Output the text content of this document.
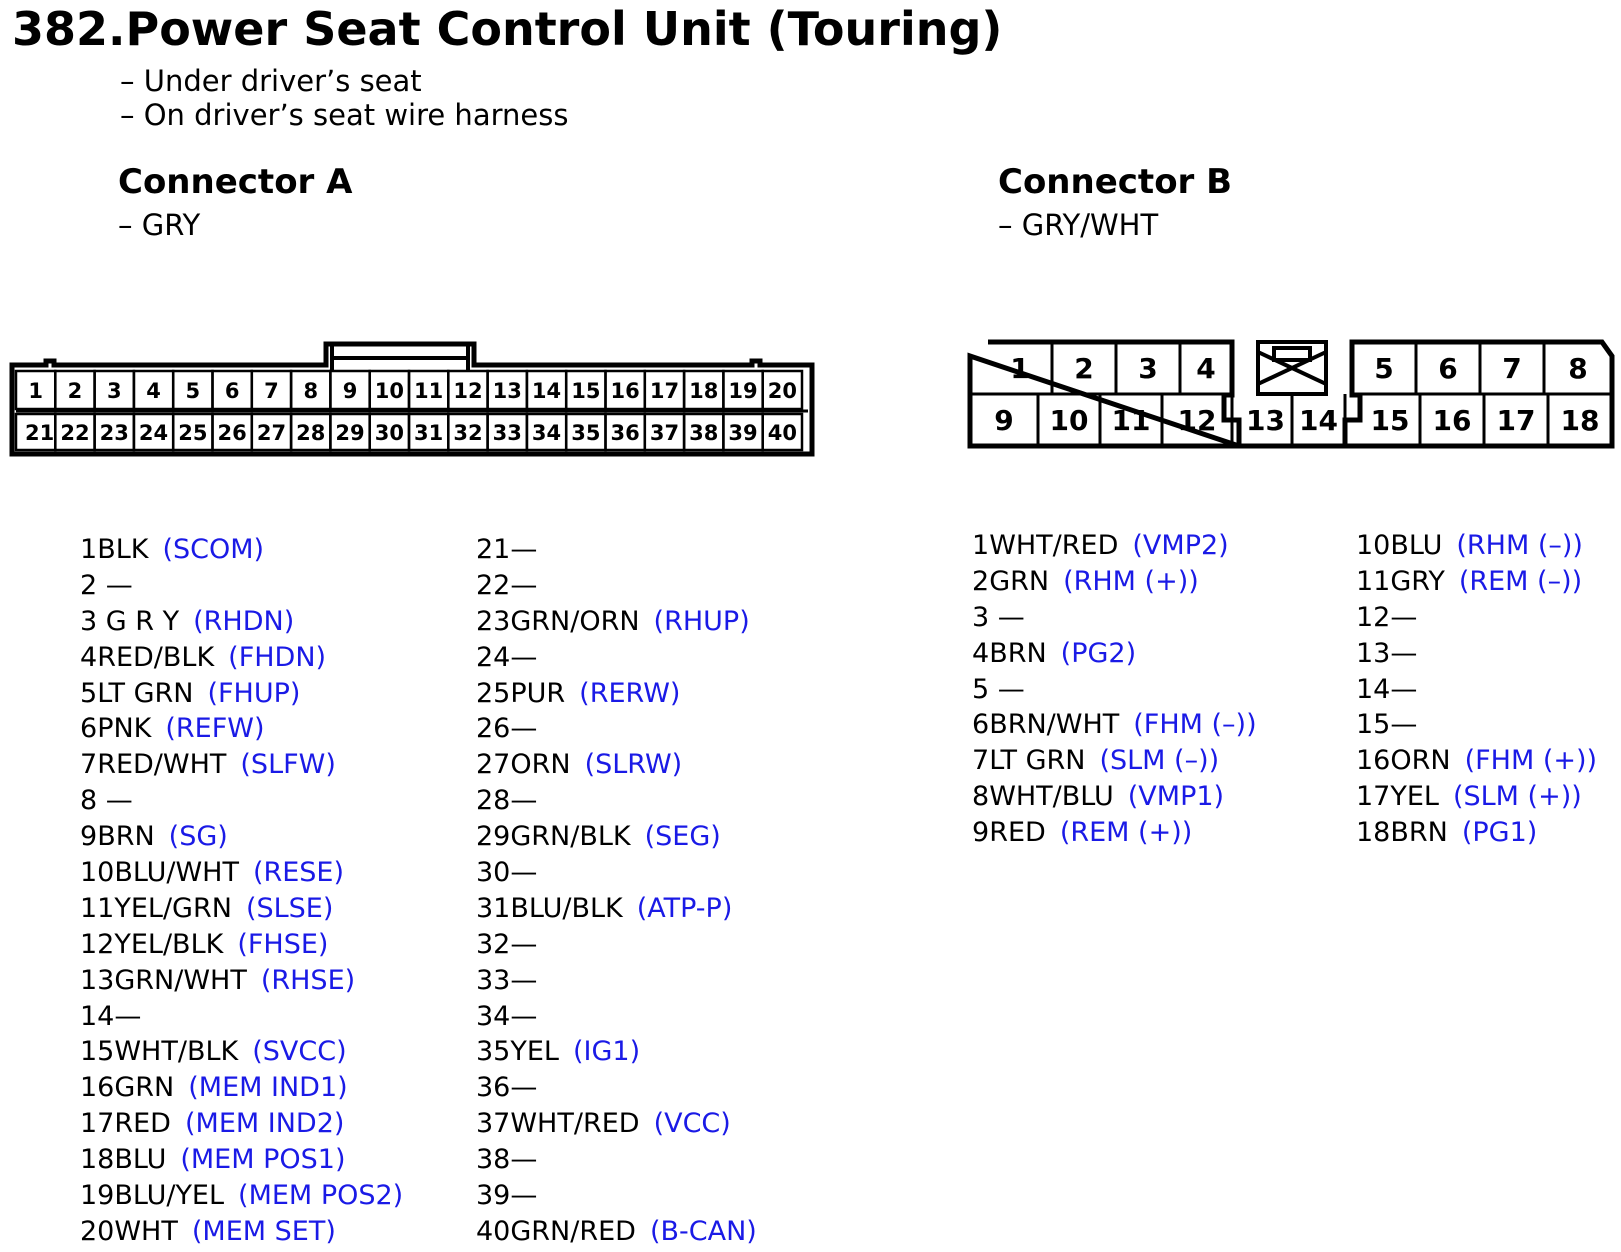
382.Power Seat Control Unit (Touring)
– Under driver’s seat
– On driver’s seat wire harness
Connector A
– GRY
Connector B
– GRY/WHT
1 2 3 4 5 6 7 8 9 10 11 12 13 14 15 16 17 18 19 20
21 22 23 24 25 26 27 28 29 30 31 32 33 34 35 36 37 38 39 40
1 2 3 4	5 6 7 8
9 10 11 12 13 14 15 16 17 18
1BLK (SCOM)
2 —
3 G R Y (RHDN)
4RED/BLK (FHDN)
5LT GRN (FHUP)
6PNK (REFW)
7RED/WHT (SLFW)
8 —
9BRN (SG)
10BLU/WHT (RESE)
11YEL/GRN (SLSE)
12YEL/BLK (FHSE)
13GRN/WHT (RHSE)
14—
15WHT/BLK (SVCC)
16GRN (MEM IND1)
17RED (MEM IND2)
18BLU (MEM POS1)
19BLU/YEL (MEM POS2)
20WHT (MEM SET)
21—
22—
23GRN/ORN (RHUP)
24—
25PUR (RERW)
26—
27ORN (SLRW)
28—
29GRN/BLK (SEG)
30—
31BLU/BLK (ATP-P)
32—
33—
34—
35YEL (IG1)
36—
37WHT/RED (VCC)
38—
39—
40GRN/RED (B-CAN)
1WHT/RED (VMP2)
2GRN (RHM (+))
3 —
4BRN (PG2)
5 —
6BRN/WHT (FHM (–))
7LT GRN (SLM (–))
8WHT/BLU (VMP1)
9RED (REM (+))
10BLU (RHM (–))
11GRY (REM (–))
12—
13—
14—
15—
16ORN (FHM (+))
17YEL (SLM (+))
18BRN (PG1)
